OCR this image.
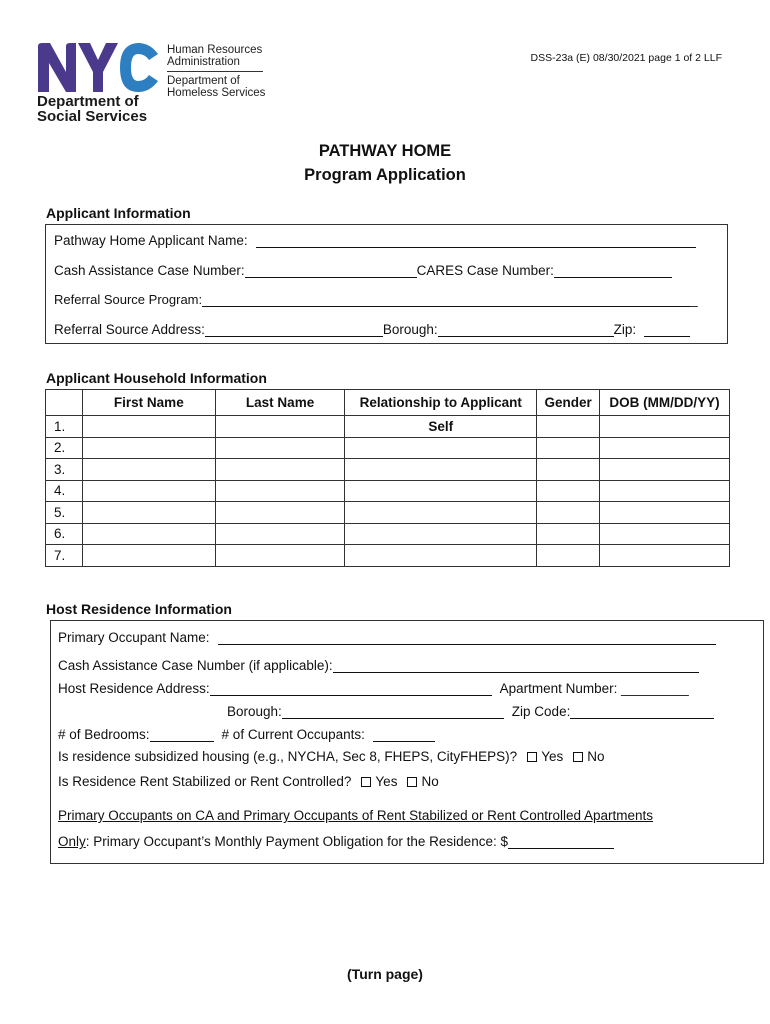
Human Resources
Administration
Department of
Homeless Services
Department of
Social Services
DSS-23a (E) 08/30/2021 page 1 of 2 LLF
PATHWAY HOME
Program Application
Applicant Information
Pathway Home Applicant Name:
Cash Assistance Case Number:	CARES Case Number:
Referral Source Program:	_
Referral Source Address:	Borough:	Zip:
Applicant Household Information
	First Name	Last Name	Relationship to Applicant	Gender	DOB (MM/DD/YY)
1.			Self		
2.					
3.					
4.					
5.					
6.					
7.					
Host Residence Information
Primary Occupant Name:
Cash Assistance Case Number (if applicable):
Host Residence Address:	Apartment Number: _________
Borough:	Zip Code:
# of Bedrooms:	# of Current Occupants:
Is residence subsidized housing (e.g., NYCHA, Sec 8, FHEPS, CityFHEPS)? Yes No
Is Residence Rent Stabilized or Rent Controlled? Yes No
Primary Occupants on CA and Primary Occupants of Rent Stabilized or Rent Controlled Apartments
Only : Primary Occupant’s Monthly Payment Obligation for the Residence: $
(Turn page)
